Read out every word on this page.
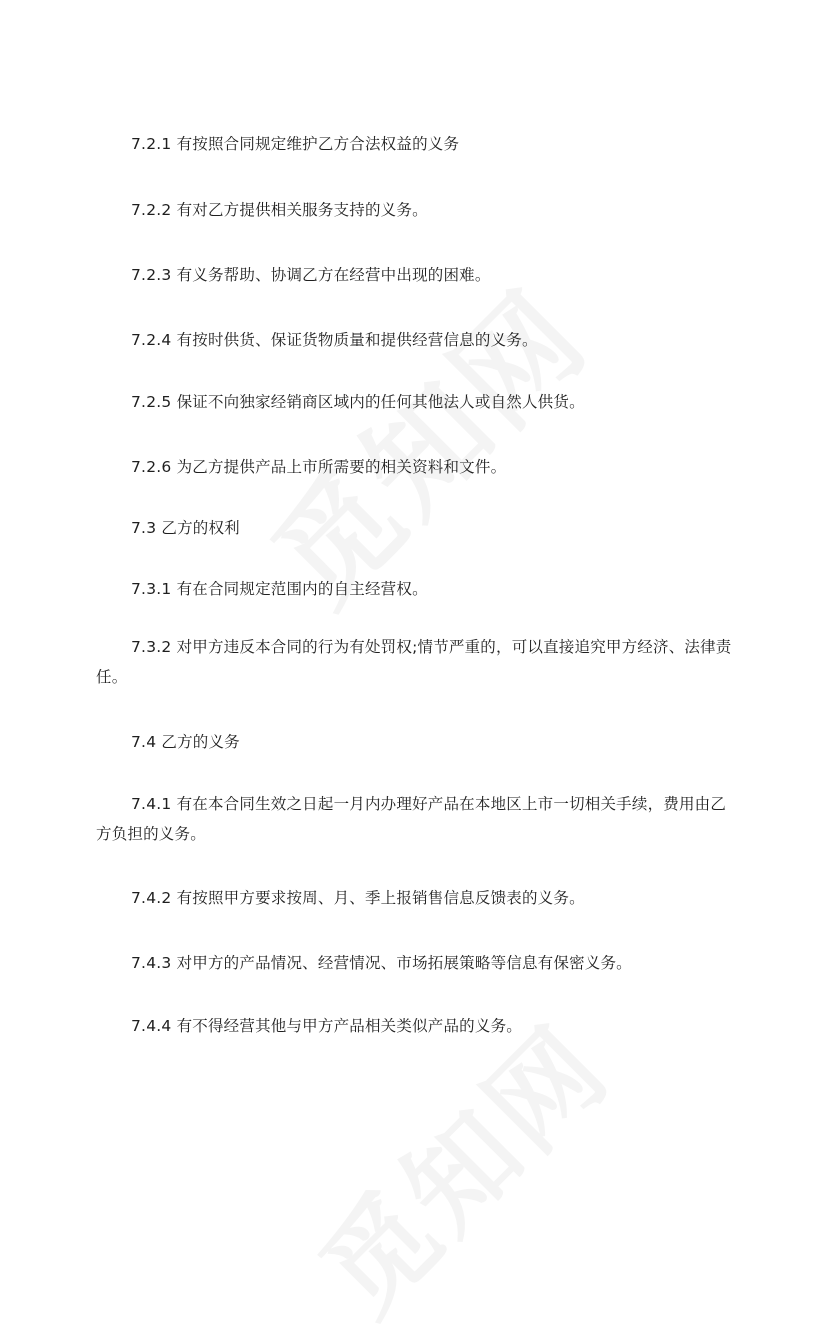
7.2.1 有按照合同规定维护乙方合法权益的义务

7.2.2 有对乙方提供相关服务支持的义务。

7.2.3 有义务帮助、协调乙方在经营中出现的困难。

7.2.4 有按时供货、保证货物质量和提供经营信息的义务。

7.2.5 保证不向独家经销商区域内的任何其他法人或自然人供货。

7.2.6 为乙方提供产品上市所需要的相关资料和文件。

7.3 乙方的权利

7.3.1 有在合同规定范围内的自主经营权。

7.3.2 对甲方违反本合同的行为有处罚权;情节严重的，可以直接追究甲方经济、法律责任。

7.4 乙方的义务

7.4.1 有在本合同生效之日起一月内办理好产品在本地区上市一切相关手续，费用由乙方负担的义务。

7.4.2 有按照甲方要求按周、月、季上报销售信息反馈表的义务。

7.4.3 对甲方的产品情况、经营情况、市场拓展策略等信息有保密义务。

7.4.4 有不得经营其他与甲方产品相关类似产品的义务。
